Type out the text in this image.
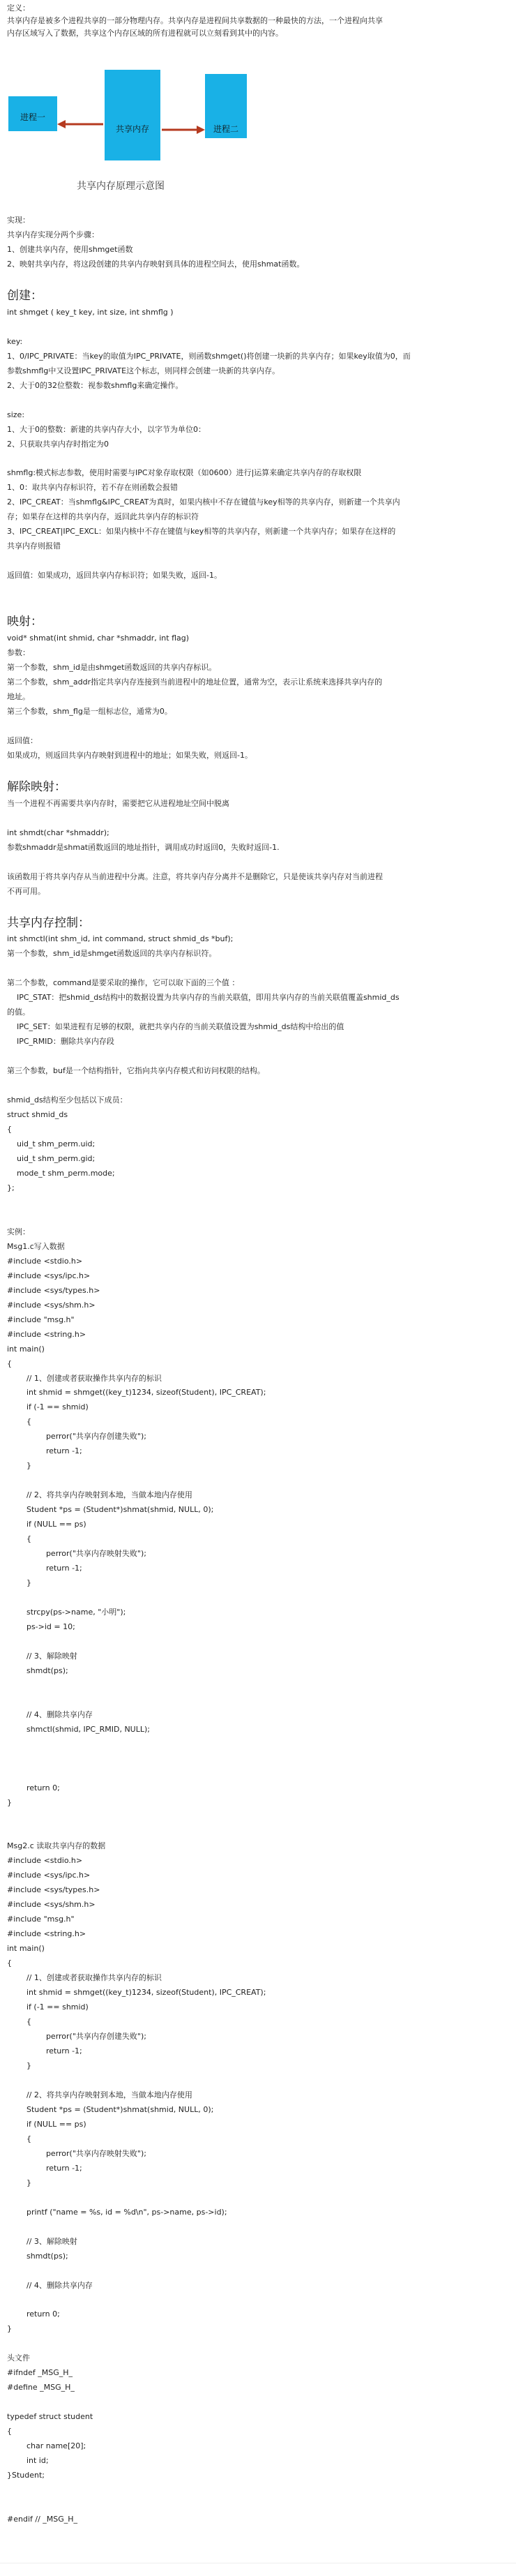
定义：
共享内存是被多个进程共享的一部分物理内存。共享内存是进程间共享数据的一种最快的方法，一个进程向共享
内存区域写入了数据，共享这个内存区域的所有进程就可以立刻看到其中的内容。
进程一
共享内存	进程二
共享内存原理示意图
实现：
共享内存实现分两个步骤：
1、创建共享内存，使用shmget函数
2、映射共享内存，将这段创建的共享内存映射到具体的进程空间去，使用shmat函数。
创建：
int shmget ( key_t key, int size, int shmflg )
key:
1、0/IPC_PRIVATE：当key的取值为IPC_PRIVATE，则函数shmget()将创建一块新的共享内存；如果key取值为0，而
参数shmflg中又设置IPC_PRIVATE这个标志，则同样会创建一块新的共享内存。
2、大于0的32位整数：视参数shmflg来确定操作。
size:
1、大于0的整数：新建的共享内存大小，以字节为单位0：
2、只获取共享内存时指定为0
shmflg:模式标志参数，使用时需要与IPC对象存取权限（如0600）进行|运算来确定共享内存的存取权限
1、0：取共享内存标识符，若不存在则函数会报错
2、IPC_CREAT：当shmflg&IPC_CREAT为真时，如果内核中不存在键值与key相等的共享内存，则新建一个共享内
存；如果存在这样的共享内存，返回此共享内存的标识符
3、IPC_CREAT|IPC_EXCL：如果内核中不存在键值与key相等的共享内存，则新建一个共享内存；如果存在这样的
共享内存则报错
返回值：如果成功，返回共享内存标识符；如果失败，返回-1。
映射：
void* shmat(int shmid, char *shmaddr, int flag)
参数：
第一个参数，shm_id是由shmget函数返回的共享内存标识。
第二个参数，shm_addr指定共享内存连接到当前进程中的地址位置，通常为空，表示让系统来选择共享内存的
地址。
第三个参数，shm_flg是一组标志位，通常为0。
返回值：
如果成功，则返回共享内存映射到进程中的地址；如果失败，则返回-1。
解除映射：
当一个进程不再需要共享内存时，需要把它从进程地址空间中脱离
int shmdt(char *shmaddr);
参数shmaddr是shmat函数返回的地址指针，调用成功时返回0，失败时返回-1.
该函数用于将共享内存从当前进程中分离。注意，将共享内存分离并不是删除它，只是使该共享内存对当前进程
不再可用。
共享内存控制：
int shmctl(int shm_id, int command, struct shmid_ds *buf);
第一个参数，shm_id是shmget函数返回的共享内存标识符。
第二个参数，command是要采取的操作，它可以取下面的三个值 ：
IPC_STAT：把shmid_ds结构中的数据设置为共享内存的当前关联值，即用共享内存的当前关联值覆盖shmid_ds
的值。
IPC_SET：如果进程有足够的权限，就把共享内存的当前关联值设置为shmid_ds结构中给出的值
IPC_RMID：删除共享内存段
第三个参数，buf是一个结构指针，它指向共享内存模式和访问权限的结构。
shmid_ds结构至少包括以下成员：
struct shmid_ds
{
uid_t shm_perm.uid;
uid_t shm_perm.gid;
mode_t shm_perm.mode;
};
实例：
Msg1.c写入数据
#include <stdio.h>
#include <sys/ipc.h>
#include <sys/types.h>
#include <sys/shm.h>
#include "msg.h"
#include <string.h>
int main()
{
// 1、创建或者获取操作共享内存的标识
int shmid = shmget((key_t)1234, sizeof(Student), IPC_CREAT);
if (-1 == shmid)
{
perror("共享内存创建失败");
return -1;
}
// 2、将共享内存映射到本地，当做本地内存使用
Student *ps = (Student*)shmat(shmid, NULL, 0);
if (NULL == ps)
{
perror("共享内存映射失败");
return -1;
}
strcpy(ps->name, "小明");
ps->id = 10;
// 3、解除映射
shmdt(ps);
// 4、删除共享内存
shmctl(shmid, IPC_RMID, NULL);
return 0;
}
Msg2.c 读取共享内存的数据
#include <stdio.h>
#include <sys/ipc.h>
#include <sys/types.h>
#include <sys/shm.h>
#include "msg.h"
#include <string.h>
int main()
{
// 1、创建或者获取操作共享内存的标识
int shmid = shmget((key_t)1234, sizeof(Student), IPC_CREAT);
if (-1 == shmid)
{
perror("共享内存创建失败");
return -1;
}
// 2、将共享内存映射到本地，当做本地内存使用
Student *ps = (Student*)shmat(shmid, NULL, 0);
if (NULL == ps)
{
perror("共享内存映射失败");
return -1;
}
printf ("name = %s, id = %d\n", ps->name, ps->id);
// 3、解除映射
shmdt(ps);
// 4、删除共享内存
return 0;
}
头文件
#ifndef _MSG_H_
#define _MSG_H_
typedef struct student
{
char name[20];
int id;
}Student;
#endif // _MSG_H_
